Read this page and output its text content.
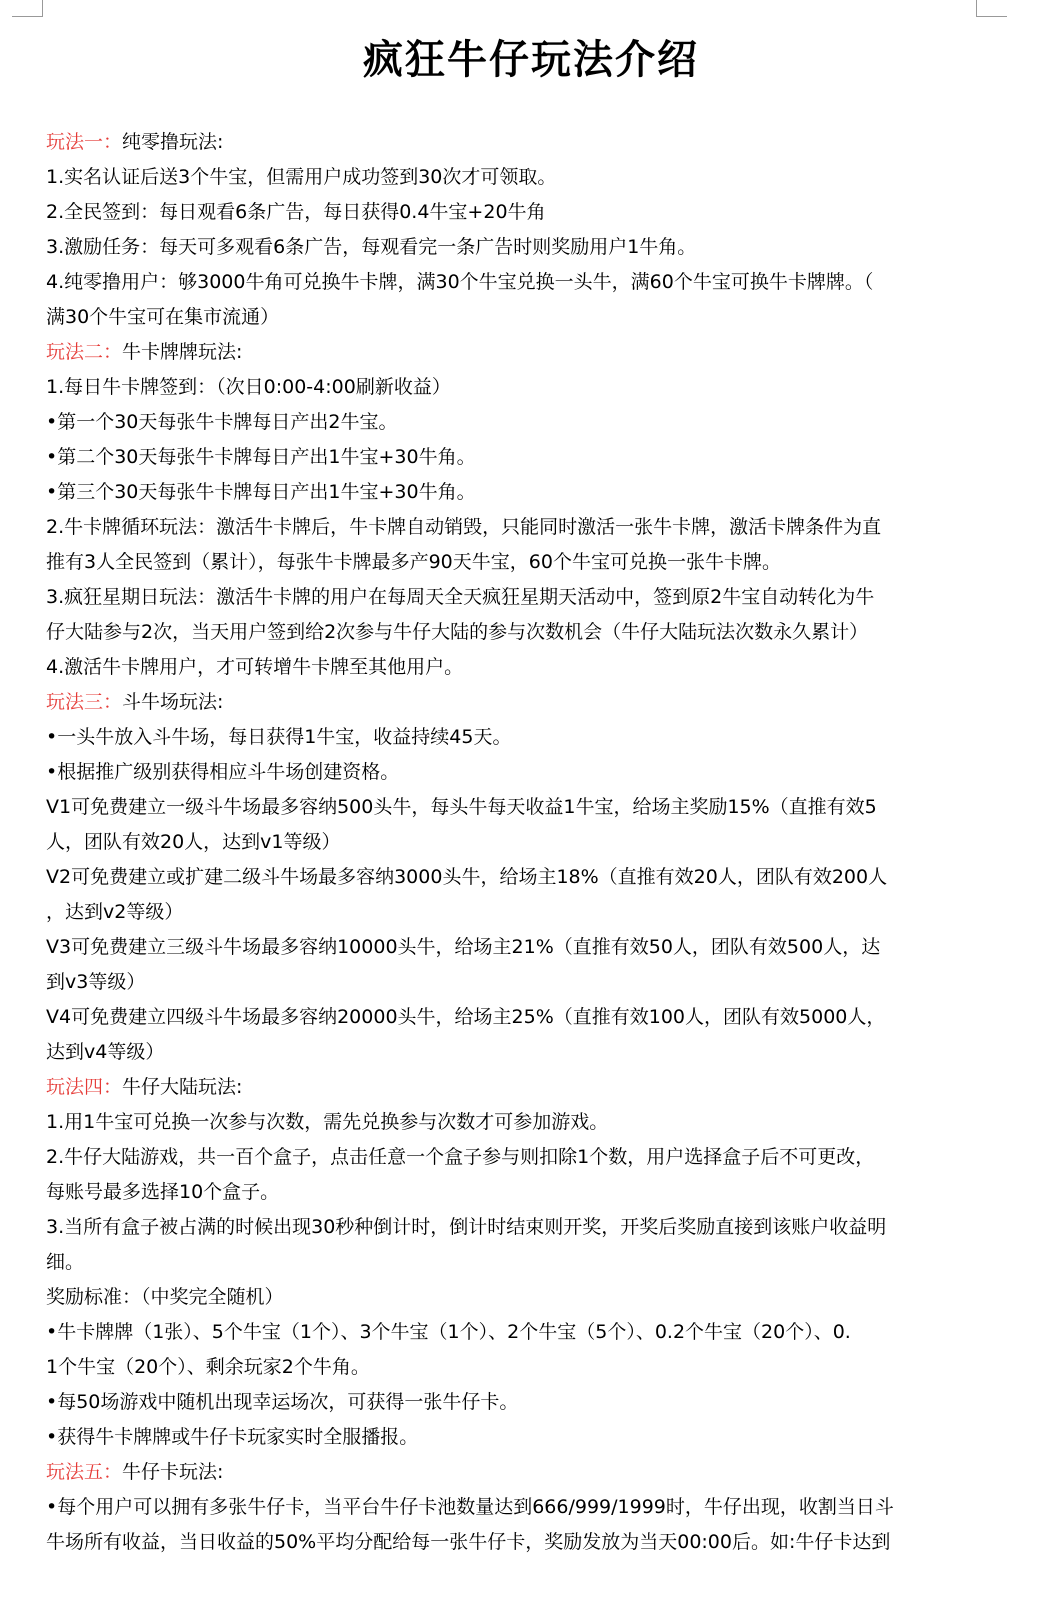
疯狂牛仔玩法介绍
玩法一：纯零撸玩法:
1.实名认证后送3个牛宝，但需用户成功签到30次才可领取。
2.全民签到：每日观看6条广告，每日获得0.4牛宝+20牛角
3.激励任务：每天可多观看6条广告，每观看完一条广告时则奖励用户1牛角。
4.纯零撸用户：够3000牛角可兑换牛卡牌，满30个牛宝兑换一头牛，满60个牛宝可换牛卡牌牌。（
满30个牛宝可在集市流通）
玩法二：牛卡牌牌玩法:
1.每日牛卡牌签到：（次日0:00-4:00刷新收益）
•第一个30天每张牛卡牌每日产出2牛宝。
•第二个30天每张牛卡牌每日产出1牛宝+30牛角。
•第三个30天每张牛卡牌每日产出1牛宝+30牛角。
2.牛卡牌循环玩法：激活牛卡牌后，牛卡牌自动销毁，只能同时激活一张牛卡牌，激活卡牌条件为直
推有3人全民签到（累计），每张牛卡牌最多产90天牛宝，60个牛宝可兑换一张牛卡牌。
3.疯狂星期日玩法：激活牛卡牌的用户在每周天全天疯狂星期天活动中，签到原2牛宝自动转化为牛
仔大陆参与2次，当天用户签到给2次参与牛仔大陆的参与次数机会（牛仔大陆玩法次数永久累计）
4.激活牛卡牌用户，才可转增牛卡牌至其他用户。
玩法三：斗牛场玩法:
•一头牛放入斗牛场，每日获得1牛宝，收益持续45天。
•根据推广级别获得相应斗牛场创建资格。
V1可免费建立一级斗牛场最多容纳500头牛，每头牛每天收益1牛宝，给场主奖励15%（直推有效5
人，团队有效20人，达到v1等级）
V2可免费建立或扩建二级斗牛场最多容纳3000头牛，给场主18%（直推有效20人，团队有效200人
，达到v2等级）
V3可免费建立三级斗牛场最多容纳10000头牛，给场主21%（直推有效50人，团队有效500人，达
到v3等级）
V4可免费建立四级斗牛场最多容纳20000头牛，给场主25%（直推有效100人，团队有效5000人，
达到v4等级）
玩法四：牛仔大陆玩法:
1.用1牛宝可兑换一次参与次数，需先兑换参与次数才可参加游戏。
2.牛仔大陆游戏，共一百个盒子，点击任意一个盒子参与则扣除1个数，用户选择盒子后不可更改，
每账号最多选择10个盒子。
3.当所有盒子被占满的时候出现30秒种倒计时，倒计时结束则开奖，开奖后奖励直接到该账户收益明
细。
奖励标准：（中奖完全随机）
•牛卡牌牌（1张）、5个牛宝（1个）、3个牛宝（1个）、2个牛宝（5个）、0.2个牛宝（20个）、0.
1个牛宝（20个）、剩余玩家2个牛角。
•每50场游戏中随机出现幸运场次，可获得一张牛仔卡。
•获得牛卡牌牌或牛仔卡玩家实时全服播报。
玩法五：牛仔卡玩法:
•每个用户可以拥有多张牛仔卡，当平台牛仔卡池数量达到666/999/1999时，牛仔出现，收割当日斗
牛场所有收益，当日收益的50%平均分配给每一张牛仔卡，奖励发放为当天00:00后。如:牛仔卡达到
